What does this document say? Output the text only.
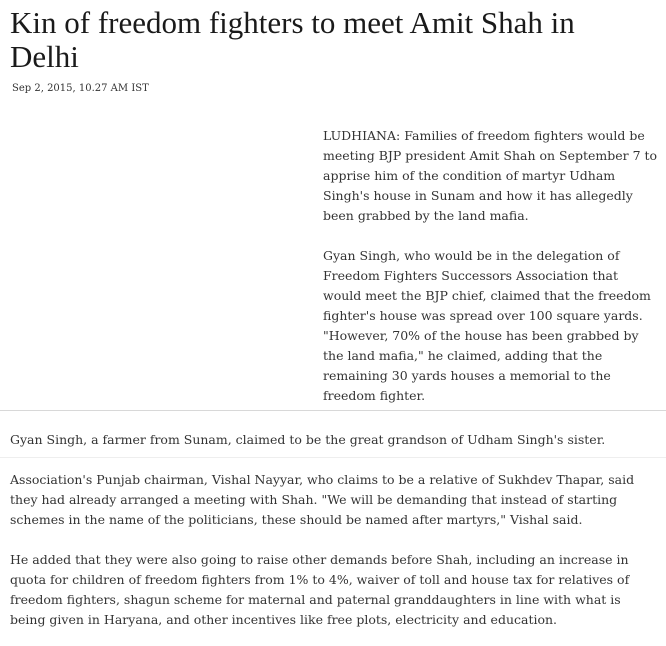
Kin of freedom fighters to meet Amit Shah in Delhi
Sep 2, 2015, 10.27 AM IST

LUDHIANA: Families of freedom fighters would be meeting BJP president Amit Shah on September 7 to apprise him of the condition of martyr Udham Singh's house in Sunam and how it has allegedly been grabbed by the land mafia.

Gyan Singh, who would be in the delegation of Freedom Fighters Successors Association that would meet the BJP chief, claimed that the freedom fighter's house was spread over 100 square yards. "However, 70% of the house has been grabbed by the land mafia," he claimed, adding that the remaining 30 yards houses a memorial to the freedom fighter.

Gyan Singh, a farmer from Sunam, claimed to be the great grandson of Udham Singh's sister.

Association's Punjab chairman, Vishal Nayyar, who claims to be a relative of Sukhdev Thapar, said they had already arranged a meeting with Shah. "We will be demanding that instead of starting schemes in the name of the politicians, these should be named after martyrs," Vishal said.

He added that they were also going to raise other demands before Shah, including an increase in quota for children of freedom fighters from 1% to 4%, waiver of toll and house tax for relatives of freedom fighters, shagun scheme for maternal and paternal granddaughters in line with what is being given in Haryana, and other incentives like free plots, electricity and education.
